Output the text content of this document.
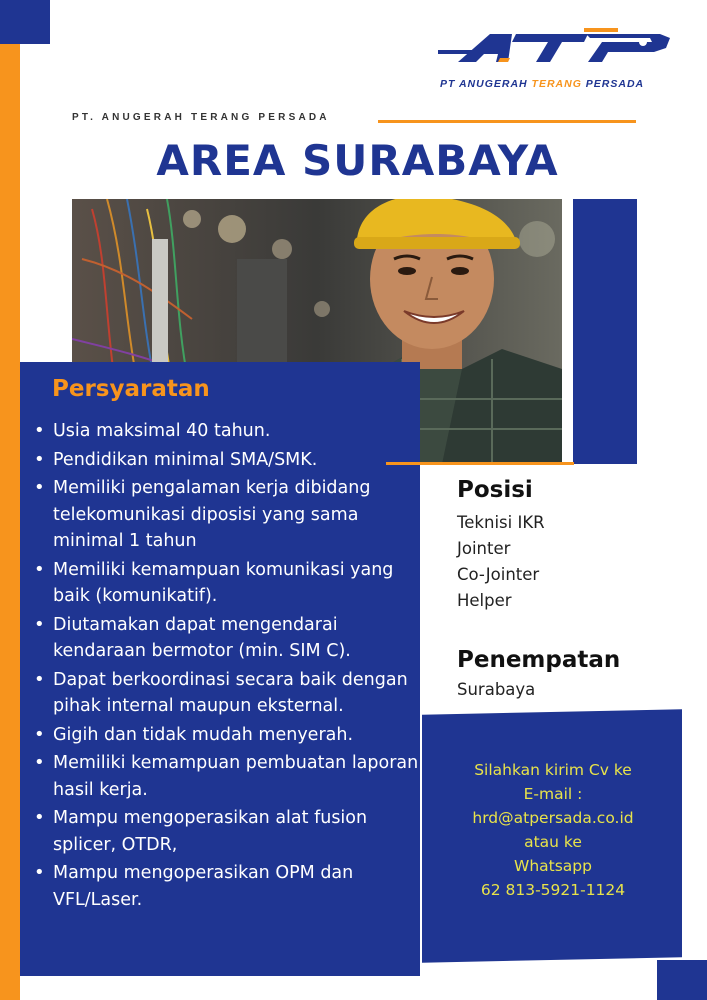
PT ANUGERAH TERANG PERSADA
PT. ANUGERAH TERANG PERSADA
AREA SURABAYA
Persyaratan
• Usia maksimal 40 tahun.
• Pendidikan minimal SMA/SMK.
• Memiliki pengalaman kerja dibidang telekomunikasi diposisi yang sama minimal 1 tahun
• Memiliki kemampuan komunikasi yang baik (komunikatif).
• Diutamakan dapat mengendarai kendaraan bermotor (min. SIM C).
• Dapat berkoordinasi secara baik dengan pihak internal maupun eksternal.
• Gigih dan tidak mudah menyerah.
• Memiliki kemampuan pembuatan laporan hasil kerja.
• Mampu mengoperasikan alat fusion splicer, OTDR,
• Mampu mengoperasikan OPM dan VFL/Laser.
Posisi
Teknisi IKR
Jointer
Co-Jointer
Helper
Penempatan
Surabaya
Silahkan kirim Cv ke
E-mail :
hrd@atpersada.co.id
atau ke
Whatsapp
62 813-5921-1124
